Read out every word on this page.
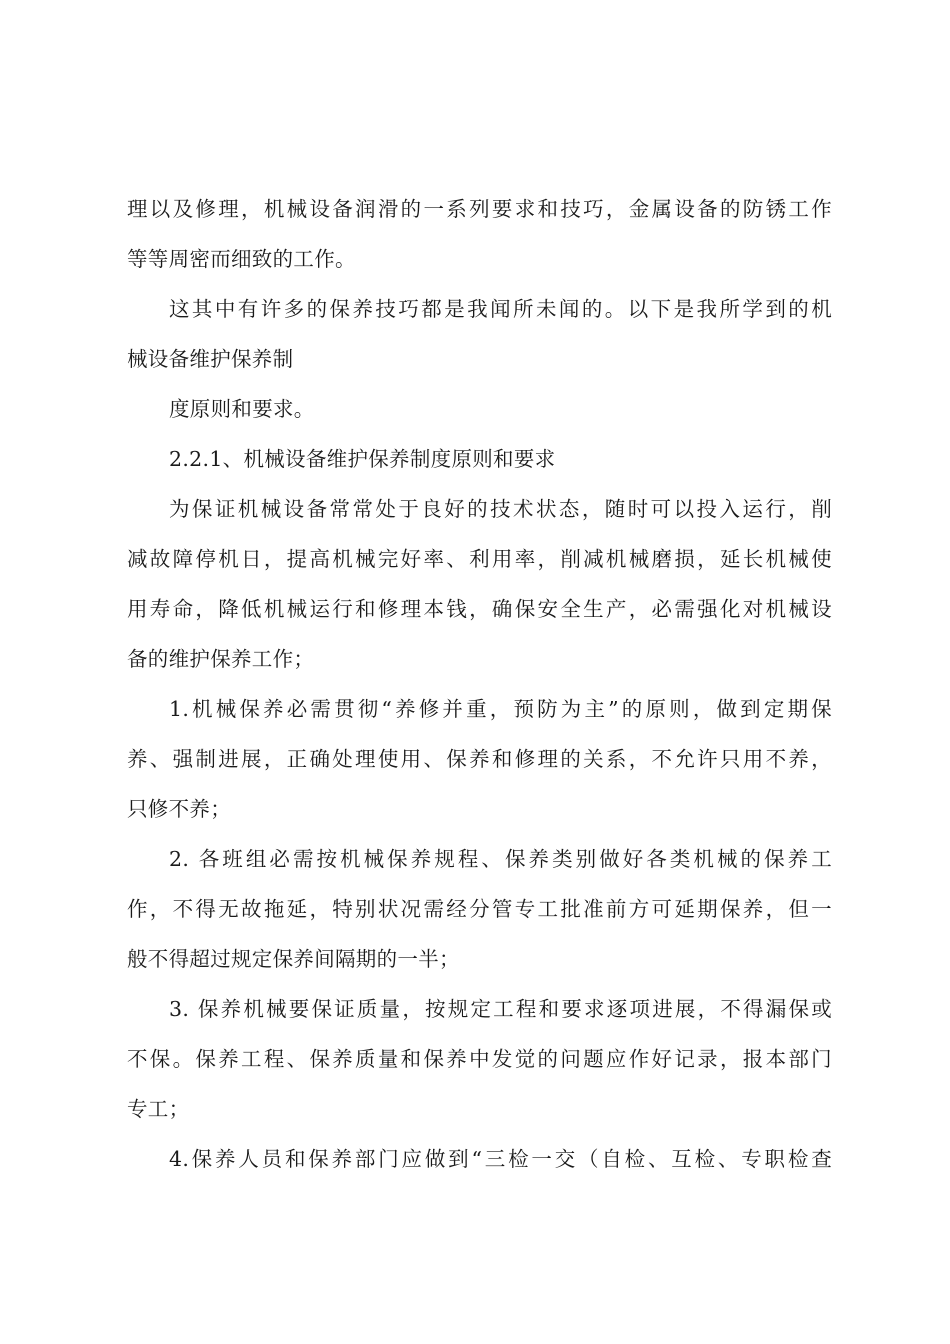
理以及修理，机械设备润滑的一系列要求和技巧，金属设备的防锈工作
等等周密而细致的工作。
这其中有许多的保养技巧都是我闻所未闻的。以下是我所学到的机
械设备维护保养制
度原则和要求。
2.2.1、机械设备维护保养制度原则和要求
为保证机械设备常常处于良好的技术状态，随时可以投入运行，削
减故障停机日，提高机械完好率、利用率，削减机械磨损，延长机械使
用寿命，降低机械运行和修理本钱，确保安全生产，必需强化对机械设
备的维护保养工作；
1.机械保养必需贯彻“养修并重，预防为主”的原则，做到定期保
养、强制进展，正确处理使用、保养和修理的关系，不允许只用不养，
只修不养；
2. 各班组必需按机械保养规程、保养类别做好各类机械的保养工
作，不得无故拖延，特别状况需经分管专工批准前方可延期保养，但一
般不得超过规定保养间隔期的一半；
3. 保养机械要保证质量，按规定工程和要求逐项进展，不得漏保或
不保。保养工程、保养质量和保养中发觉的问题应作好记录，报本部门
专工；
4.保养人员和保养部门应做到“三检一交（自检、互检、专职检查
